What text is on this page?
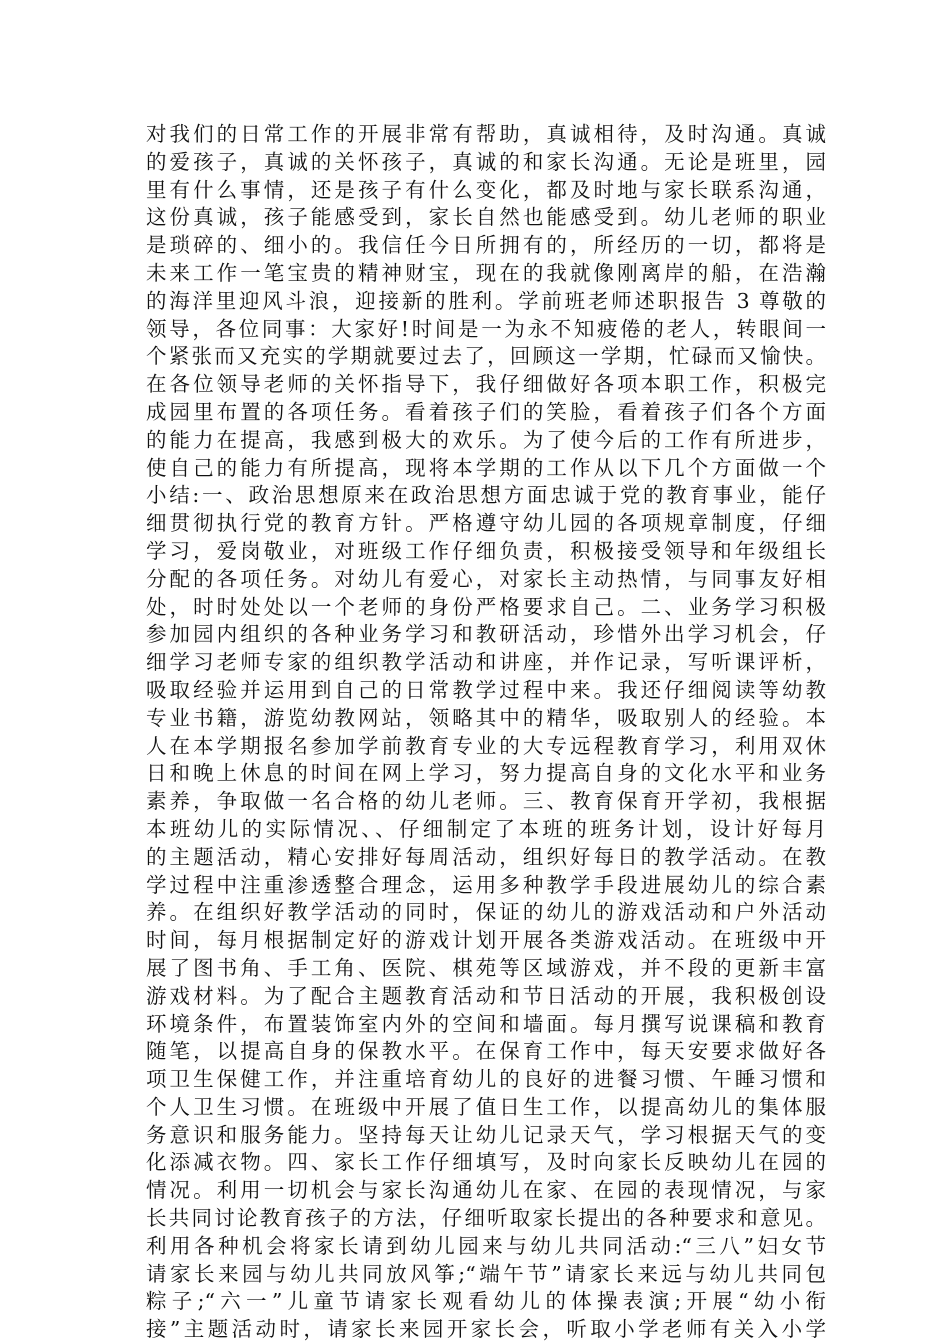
对我们的日常工作的开展非常有帮助，真诚相待，及时沟通。真诚
的爱孩子，真诚的关怀孩子，真诚的和家长沟通。无论是班里，园
里有什么事情，还是孩子有什么变化，都及时地与家长联系沟通，
这份真诚，孩子能感受到，家长自然也能感受到。幼儿老师的职业
是琐碎的、细小的。我信任今日所拥有的，所经历的一切，都将是
未来工作一笔宝贵的精神财宝，现在的我就像刚离岸的船，在浩瀚
的海洋里迎风斗浪，迎接新的胜利。学前班老师述职报告 3 尊敬的
领导，各位同事：大家好!时间是一为永不知疲倦的老人，转眼间一
个紧张而又充实的学期就要过去了，回顾这一学期，忙碌而又愉快。
在各位领导老师的关怀指导下，我仔细做好各项本职工作，积极完
成园里布置的各项任务。看着孩子们的笑脸，看着孩子们各个方面
的能力在提高，我感到极大的欢乐。为了使今后的工作有所进步，
使自己的能力有所提高，现将本学期的工作从以下几个方面做一个
小结:一、政治思想原来在政治思想方面忠诚于党的教育事业，能仔
细贯彻执行党的教育方针。严格遵守幼儿园的各项规章制度，仔细
学习，爱岗敬业，对班级工作仔细负责，积极接受领导和年级组长
分配的各项任务。对幼儿有爱心，对家长主动热情，与同事友好相
处，时时处处以一个老师的身份严格要求自己。二、业务学习积极
参加园内组织的各种业务学习和教研活动，珍惜外出学习机会，仔
细学习老师专家的组织教学活动和讲座，并作记录，写听课评析，
吸取经验并运用到自己的日常教学过程中来。我还仔细阅读等幼教
专业书籍，游览幼教网站，领略其中的精华，吸取别人的经验。本
人在本学期报名参加学前教育专业的大专远程教育学习，利用双休
日和晚上休息的时间在网上学习，努力提高自身的文化水平和业务
素养，争取做一名合格的幼儿老师。三、教育保育开学初，我根据
本班幼儿的实际情况、、仔细制定了本班的班务计划，设计好每月
的主题活动，精心安排好每周活动，组织好每日的教学活动。在教
学过程中注重渗透整合理念，运用多种教学手段进展幼儿的综合素
养。在组织好教学活动的同时，保证的幼儿的游戏活动和户外活动
时间，每月根据制定好的游戏计划开展各类游戏活动。在班级中开
展了图书角、手工角、医院、棋苑等区域游戏，并不段的更新丰富
游戏材料。为了配合主题教育活动和节日活动的开展，我积极创设
环境条件，布置装饰室内外的空间和墙面。每月撰写说课稿和教育
随笔，以提高自身的保教水平。在保育工作中，每天安要求做好各
项卫生保健工作，并注重培育幼儿的良好的进餐习惯、午睡习惯和
个人卫生习惯。在班级中开展了值日生工作，以提高幼儿的集体服
务意识和服务能力。坚持每天让幼儿记录天气，学习根据天气的变
化添减衣物。四、家长工作仔细填写，及时向家长反映幼儿在园的
情况。利用一切机会与家长沟通幼儿在家、在园的表现情况，与家
长共同讨论教育孩子的方法，仔细听取家长提出的各种要求和意见。
利用各种机会将家长请到幼儿园来与幼儿共同活动:“三八”妇女节
请家长来园与幼儿共同放风筝;“端午节”请家长来远与幼儿共同包
粽子;“六一”儿童节请家长观看幼儿的体操表演;开展“幼小衔
接”主题活动时，请家长来园开家长会，听取小学老师有关入小学
